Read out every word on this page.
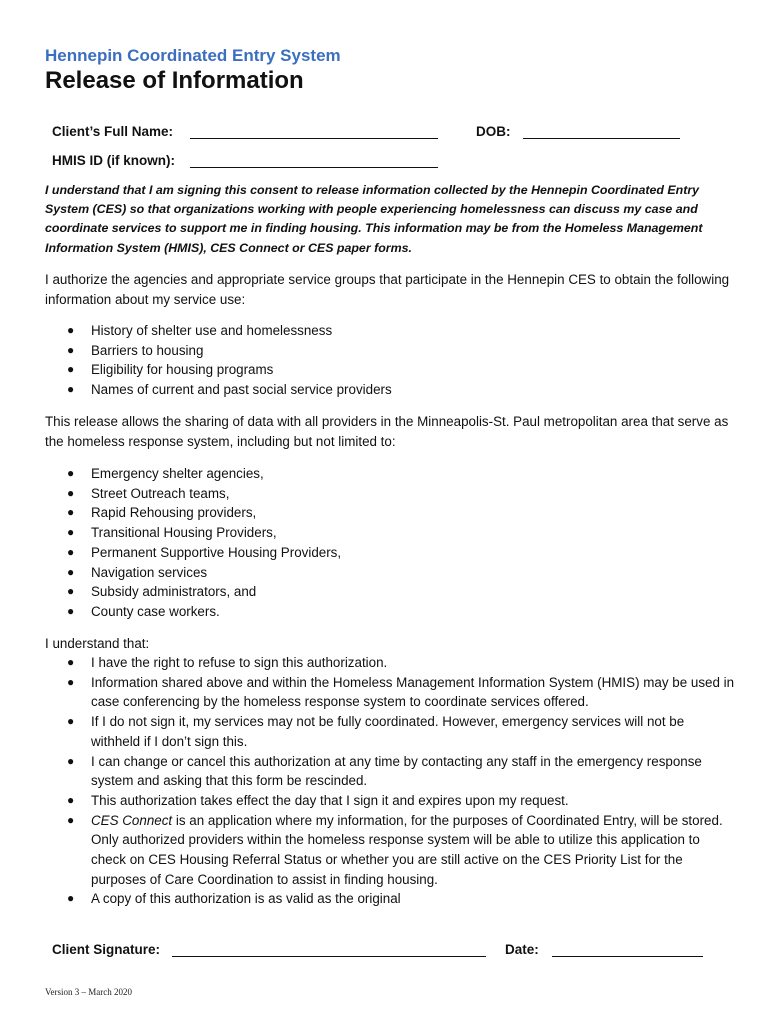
Hennepin Coordinated Entry System
Release of Information
Client’s Full Name:	DOB:
HMIS ID (if known):
I understand that I am signing this consent to release information collected by the Hennepin Coordinated Entry System (CES) so that organizations working with people experiencing homelessness can discuss my case and coordinate services to support me in finding housing. This information may be from the Homeless Management Information System (HMIS), CES Connect or CES paper forms.
I authorize the agencies and appropriate service groups that participate in the Hennepin CES to obtain the following information about my service use:
● History of shelter use and homelessness
● Barriers to housing
● Eligibility for housing programs
● Names of current and past social service providers
This release allows the sharing of data with all providers in the Minneapolis-St. Paul metropolitan area that serve as the homeless response system, including but not limited to:
● Emergency shelter agencies,
● Street Outreach teams,
● Rapid Rehousing providers,
● Transitional Housing Providers,
● Permanent Supportive Housing Providers,
● Navigation services
● Subsidy administrators, and
● County case workers.
I understand that:
● I have the right to refuse to sign this authorization.
● Information shared above and within the Homeless Management Information System (HMIS) may be used in case conferencing by the homeless response system to coordinate services offered.
● If I do not sign it, my services may not be fully coordinated. However, emergency services will not be withheld if I don’t sign this.
● I can change or cancel this authorization at any time by contacting any staff in the emergency response system and asking that this form be rescinded.
● This authorization takes effect the day that I sign it and expires upon my request.
● CES Connect is an application where my information, for the purposes of Coordinated Entry, will be stored. Only authorized providers within the homeless response system will be able to utilize this application to check on CES Housing Referral Status or whether you are still active on the CES Priority List for the purposes of Care Coordination to assist in finding housing.
● A copy of this authorization is as valid as the original
Client Signature:	Date:
Version 3 – March 2020
